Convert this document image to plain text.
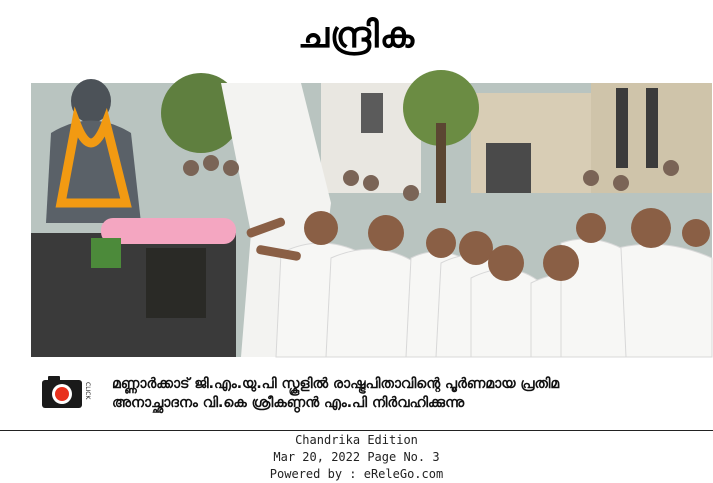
ചന്ദ്രിക
CLICK മണ്ണാർക്കാട് ജി.എം.യു.പി സ്കൂളിൽ രാഷ്ട്രപിതാവിന്റെ പൂർണമായ പ്രതിമ
അനാച്ഛാദനം വി.കെ ശ്രീകണ്ഠൻ എം.പി നിർവഹിക്കുന്നു
Chandrika Edition
Mar 20, 2022 Page No. 3
Powered by : eReleGo.com
